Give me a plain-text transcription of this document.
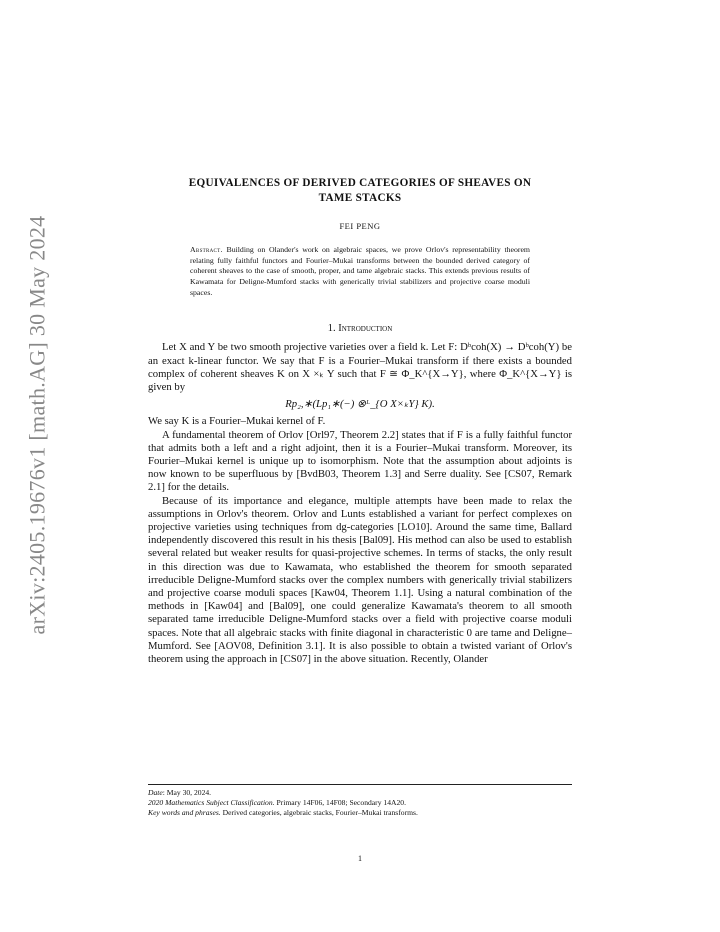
arXiv:2405.19676v1 [math.AG] 30 May 2024
EQUIVALENCES OF DERIVED CATEGORIES OF SHEAVES ON
TAME STACKS
FEI PENG
Abstract. Building on Olander's work on algebraic spaces, we prove Orlov's representability theorem relating fully faithful functors and Fourier–Mukai transforms between the bounded derived category of coherent sheaves to the case of smooth, proper, and tame algebraic stacks. This extends previous results of Kawamata for Deligne-Mumford stacks with generically trivial stabilizers and projective coarse moduli spaces.
1. Introduction

Let X and Y be two smooth projective varieties over a field k. Let F: Dᵇcoh(X) → Dᵇcoh(Y) be an exact k-linear functor. We say that F is a Fourier–Mukai transform if there exists a bounded complex of coherent sheaves K on X ×ₖ Y such that F ≅ Φ_K^{X→Y}, where Φ_K^{X→Y} is given by

Rp₂,∗(Lp₁∗(−) ⊗ᴸ_{O X×ₖY} K).

We say K is a Fourier–Mukai kernel of F.

A fundamental theorem of Orlov [Orl97, Theorem 2.2] states that if F is a fully faithful functor that admits both a left and a right adjoint, then it is a Fourier–Mukai transform. Moreover, its Fourier–Mukai kernel is unique up to isomorphism. Note that the assumption about adjoints is now known to be superfluous by [BvdB03, Theorem 1.3] and Serre duality. See [CS07, Remark 2.1] for the details.

Because of its importance and elegance, multiple attempts have been made to relax the assumptions in Orlov's theorem. Orlov and Lunts established a variant for perfect complexes on projective varieties using techniques from dg-categories [LO10]. Around the same time, Ballard independently discovered this result in his thesis [Bal09]. His method can also be used to establish several related but weaker results for quasi-projective schemes. In terms of stacks, the only result in this direction was due to Kawamata, who established the theorem for smooth separated irreducible Deligne-Mumford stacks over the complex numbers with generically trivial stabilizers and projective coarse moduli spaces [Kaw04, Theorem 1.1]. Using a natural combination of the methods in [Kaw04] and [Bal09], one could generalize Kawamata's theorem to all smooth separated tame irreducible Deligne-Mumford stacks over a field with projective coarse moduli spaces. Note that all algebraic stacks with finite diagonal in characteristic 0 are tame and Deligne–Mumford. See [AOV08, Definition 3.1]. It is also possible to obtain a twisted variant of Orlov's theorem using the approach in [CS07] in the above situation. Recently, Olander

Date: May 30, 2024.
2020 Mathematics Subject Classification. Primary 14F06, 14F08; Secondary 14A20.
Key words and phrases. Derived categories, algebraic stacks, Fourier–Mukai transforms.
1
